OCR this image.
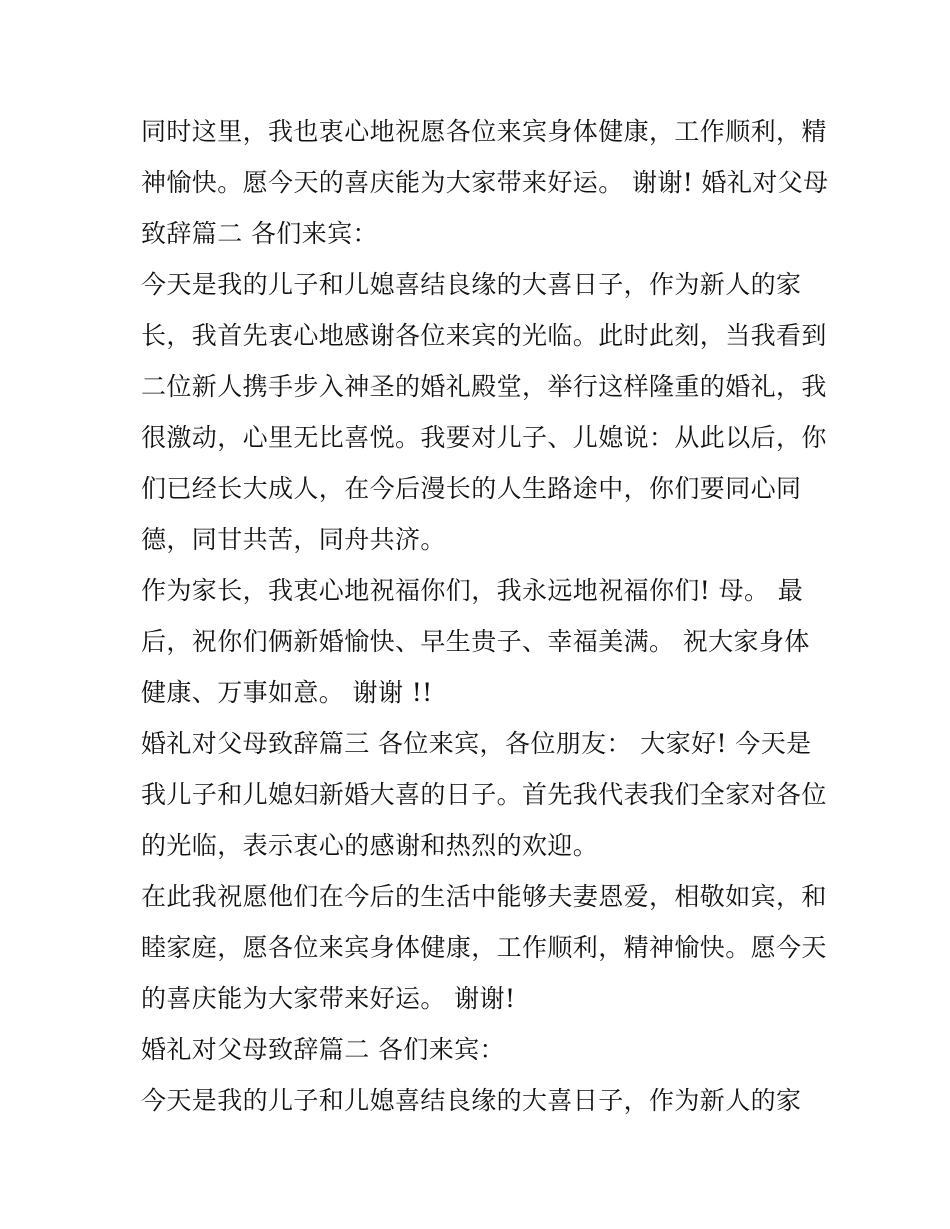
同时这里，我也衷心地祝愿各位来宾身体健康，工作顺利，精
神愉快。愿今天的喜庆能为大家带来好运。 谢谢! 婚礼对父母
致辞篇二 各们来宾：
今天是我的儿子和儿媳喜结良缘的大喜日子，作为新人的家
长，我首先衷心地感谢各位来宾的光临。此时此刻，当我看到
二位新人携手步入神圣的婚礼殿堂，举行这样隆重的婚礼，我
很激动，心里无比喜悦。我要对儿子、儿媳说：从此以后，你
们已经长大成人，在今后漫长的人生路途中，你们要同心同
德，同甘共苦，同舟共济。
作为家长，我衷心地祝福你们，我永远地祝福你们! 母。 最
后，祝你们俩新婚愉快、早生贵子、幸福美满。 祝大家身体
健康、万事如意。 谢谢 !!
婚礼对父母致辞篇三 各位来宾，各位朋友： 大家好! 今天是
我儿子和儿媳妇新婚大喜的日子。首先我代表我们全家对各位
的光临，表示衷心的感谢和热烈的欢迎。
在此我祝愿他们在今后的生活中能够夫妻恩爱，相敬如宾，和
睦家庭，愿各位来宾身体健康，工作顺利，精神愉快。愿今天
的喜庆能为大家带来好运。 谢谢!
婚礼对父母致辞篇二 各们来宾：
今天是我的儿子和儿媳喜结良缘的大喜日子，作为新人的家
